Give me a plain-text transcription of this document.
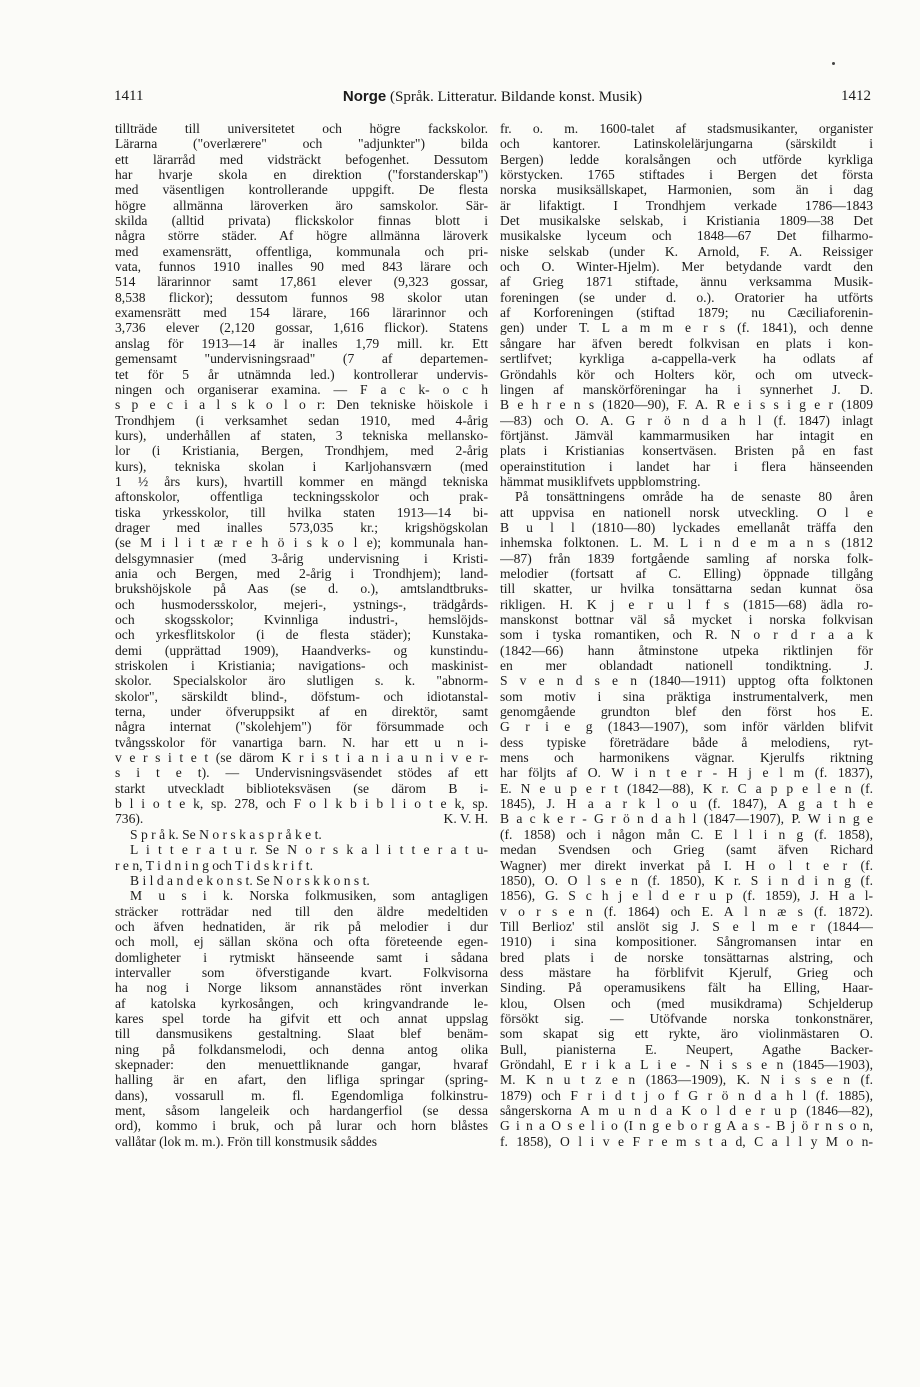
1411	Norge (Språk. Litteratur. Bildande konst. Musik)	1412
tillträde till universitetet och högre fackskolor.
Lärarna ("overlærere" och "adjunkter") bilda
ett lärarråd med vidsträckt befogenhet. Dessutom
har hvarje skola en direktion ("forstanderskap")
med väsentligen kontrollerande uppgift. De flesta
högre allmänna läroverken äro samskolor. Sär-
skilda (alltid privata) flickskolor finnas blott i
några större städer. Af högre allmänna läroverk
med examensrätt, offentliga, kommunala och pri-
vata, funnos 1910 inalles 90 med 843 lärare och
514 lärarinnor samt 17,861 elever (9,323 gossar,
8,538 flickor); dessutom funnos 98 skolor utan
examensrätt med 154 lärare, 166 lärarinnor och
3,736 elever (2,120 gossar, 1,616 flickor). Statens
anslag för 1913—14 är inalles 1,79 mill. kr. Ett
gemensamt "undervisningsraad" (7 af departemen-
tet för 5 år utnämnda led.) kontrollerar undervis-
ningen och organiserar examina. — F a c k- o c h
s p e c i a l s k o l o r: Den tekniske höiskole i
Trondhjem (i verksamhet sedan 1910, med 4-årig
kurs), underhållen af staten, 3 tekniska mellansko-
lor (i Kristiania, Bergen, Trondhjem, med 2-årig
kurs), tekniska skolan i Karljohansværn (med
1 ½ års kurs), hvartill kommer en mängd tekniska
aftonskolor, offentliga teckningsskolor och prak-
tiska yrkesskolor, till hvilka staten 1913—14 bi-
drager med inalles 573,035 kr.; krigshögskolan
(se M i l i t æ r e h ö i s k o l e); kommunala han-
delsgymnasier (med 3-årig undervisning i Kristi-
ania och Bergen, med 2-årig i Trondhjem); land-
brukshöjskole på Aas (se d. o.), amtslandtbruks-
och husmodersskolor, mejeri-, ystnings-, trädgårds-
och skogsskolor; Kvinnliga industri-, hemslöjds-
och yrkesflitskolor (i de flesta städer); Kunstaka-
demi (upprättad 1909), Haandverks- og kunstindu-
striskolen i Kristiania; navigations- och maskinist-
skolor. Specialskolor äro slutligen s. k. "abnorm-
skolor", särskildt blind-, döfstum- och idiotanstal-
terna, under öfveruppsikt af en direktör, samt
några internat ("skolehjem") för försummade och
tvångsskolor för vanartiga barn. N. har ett u n i-
v e r s i t e t (se därom K r i s t i a n i a u n i v e r-
s i t e t). — Undervisningsväsendet stödes af ett
starkt utveckladt biblioteksväsen (se därom B i-
b l i o t e k, sp. 278, och F o l k b i b l i o t e k, sp.
736).	K. V. H.
S p r å k. Se N o r s k a s p r å k e t.
L i t t e r a t u r. Se N o r s k a l i t t e r a t u-
r e n, T i d n i n g och T i d s k r i f t.
B i l d a n d e k o n s t. Se N o r s k k o n s t.
M u s i k. Norska folkmusiken, som antagligen
sträcker rotträdar ned till den äldre medeltiden
och äfven hednatiden, är rik på melodier i dur
och moll, ej sällan sköna och ofta företeende egen-
domligheter i rytmiskt hänseende samt i sådana
intervaller som öfverstigande kvart. Folkvisorna
ha nog i Norge liksom annanstädes rönt inverkan
af katolska kyrkosången, och kringvandrande le-
kares spel torde ha gifvit ett och annat uppslag
till dansmusikens gestaltning. Slaat blef benäm-
ning på folkdansmelodi, och denna antog olika
skepnader: den menuettliknande gangar, hvaraf
halling är en afart, den lifliga springar (spring-
dans), vossarull m. fl. Egendomliga folkinstru-
ment, såsom langeleik och hardangerfiol (se dessa
ord), kommo i bruk, och på lurar och horn blåstes
vallåtar (lok m. m.). Frön till konstmusik såddes
fr. o. m. 1600-talet af stadsmusikanter, organister
och kantorer. Latinskolelärjungarna (särskildt i
Bergen) ledde koralsången och utförde kyrkliga
körstycken. 1765 stiftades i Bergen det första
norska musiksällskapet, Harmonien, som än i dag
är lifaktigt. I Trondhjem verkade 1786—1843
Det musikalske selskab, i Kristiania 1809—38 Det
musikalske lyceum och 1848—67 Det filharmo-
niske selskab (under K. Arnold, F. A. Reissiger
och O. Winter-Hjelm). Mer betydande vardt den
af Grieg 1871 stiftade, ännu verksamma Musik-
foreningen (se under d. o.). Oratorier ha utförts
af Korforeningen (stiftad 1879; nu Cæciliaforenin-
gen) under T. L a m m e r s (f. 1841), och denne
sångare har äfven beredt folkvisan en plats i kon-
sertlifvet; kyrkliga a-cappella-verk ha odlats af
Gröndahls kör och Holters kör, och om utveck-
lingen af manskörföreningar ha i synnerhet J. D.
B e h r e n s (1820—90), F. A. R e i s s i g e r (1809
—83) och O. A. G r ö n d a h l (f. 1847) inlagt
förtjänst. Jämväl kammarmusiken har intagit en
plats i Kristianias konsertväsen. Bristen på en fast
operainstitution i landet har i flera hänseenden
hämmat musiklifvets uppblomstring.
På tonsättningens område ha de senaste 80 åren
att uppvisa en nationell norsk utveckling. O l e
B u l l (1810—80) lyckades emellanåt träffa den
inhemska folktonen. L. M. L i n d e m a n s (1812
—87) från 1839 fortgående samling af norska folk-
melodier (fortsatt af C. Elling) öppnade tillgång
till skatter, ur hvilka tonsättarna sedan kunnat ösa
rikligen. H. K j e r u l f s (1815—68) ädla ro-
manskonst bottnar väl så mycket i norska folkvisan
som i tyska romantiken, och R. N o r d r a a k
(1842—66) hann åtminstone utpeka riktlinjen för
en mer oblandadt nationell tondiktning. J.
S v e n d s e n (1840—1911) upptog ofta folktonen
som motiv i sina präktiga instrumentalverk, men
genomgående grundton blef den först hos E.
G r i e g (1843—1907), som inför världen blifvit
dess typiske företrädare både å melodiens, ryt-
mens och harmonikens vägnar. Kjerulfs riktning
har följts af O. W i n t e r - H j e l m (f. 1837),
E. N e u p e r t (1842—88), K r. C a p p e l e n (f.
1845), J. H a a r k l o u (f. 1847), A g a t h e
B a c k e r - G r ö n d a h l (1847—1907), P. W i n g e
(f. 1858) och i någon mån C. E l l i n g (f. 1858),
medan Svendsen och Grieg (samt äfven Richard
Wagner) mer direkt inverkat på I. H o l t e r (f.
1850), O. O l s e n (f. 1850), K r. S i n d i n g (f.
1856), G. S c h j e l d e r u p (f. 1859), J. H a l-
v o r s e n (f. 1864) och E. A l n æ s (f. 1872).
Till Berlioz' stil anslöt sig J. S e l m e r (1844—
1910) i sina kompositioner. Sångromansen intar en
bred plats i de norske tonsättarnas alstring, och
dess mästare ha förblifvit Kjerulf, Grieg och
Sinding. På operamusikens fält ha Elling, Haar-
klou, Olsen och (med musikdrama) Schjelderup
försökt sig. — Utöfvande norska tonkonstnärer,
som skapat sig ett rykte, äro violinmästaren O.
Bull, pianisterna E. Neupert, Agathe Backer-
Gröndahl, E r i k a L i e - N i s s e n (1845—1903),
M. K n u t z e n (1863—1909), K. N i s s e n (f.
1879) och F r i d t j o f G r ö n d a h l (f. 1885),
sångerskorna A m u n d a K o l d e r u p (1846—82),
G i n a O s e l i o (I n g e b o r g A a s - B j ö r n s o n,
f. 1858), O l i v e F r e m s t a d, C a l l y M o n-
